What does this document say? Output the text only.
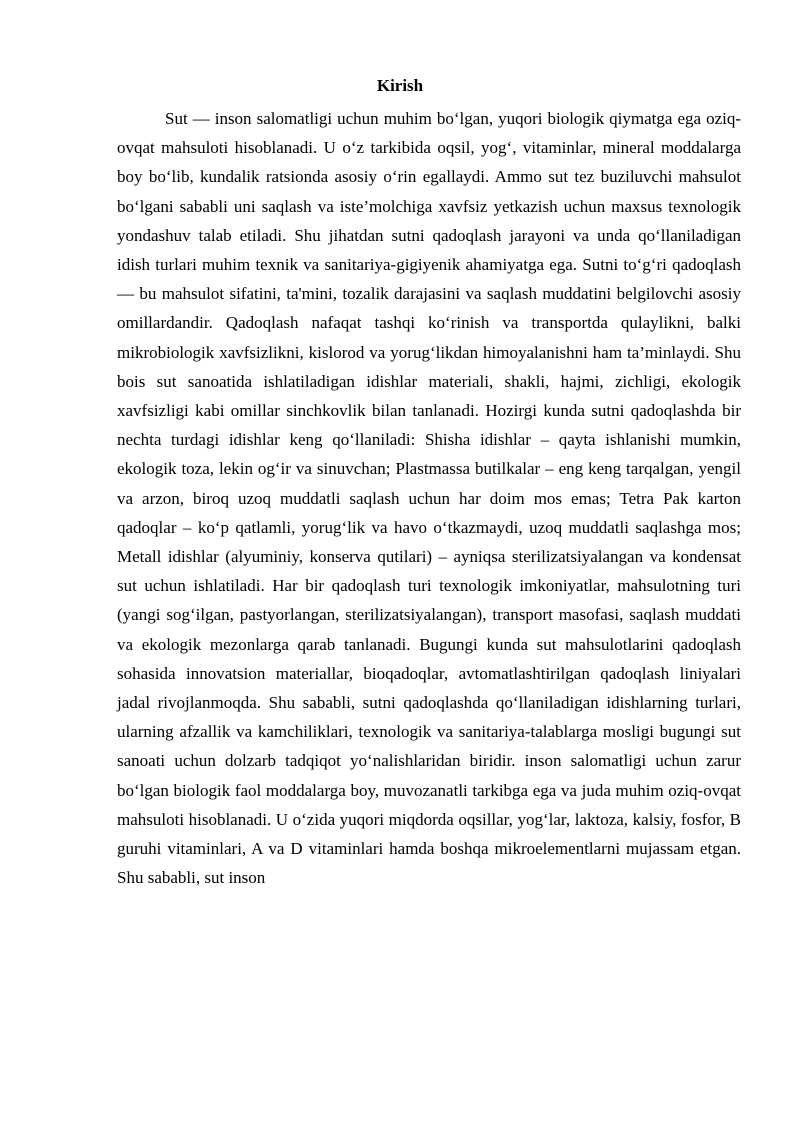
Kirish

Sut — inson salomatligi uchun muhim bo‘lgan, yuqori biologik qiymatga ega oziq-ovqat mahsuloti hisoblanadi. U o‘z tarkibida oqsil, yog‘, vitaminlar, mineral moddalarga boy bo‘lib, kundalik ratsionda asosiy o‘rin egallaydi. Ammo sut tez buziluvchi mahsulot bo‘lgani sababli uni saqlash va iste’molchiga xavfsiz yetkazish uchun maxsus texnologik yondashuv talab etiladi. Shu jihatdan sutni qadoqlash jarayoni va unda qo‘llaniladigan idish turlari muhim texnik va sanitariya-gigiyenik ahamiyatga ega. Sutni to‘g‘ri qadoqlash — bu mahsulot sifatini, ta'mini, tozalik darajasini va saqlash muddatini belgilovchi asosiy omillardandir. Qadoqlash nafaqat tashqi ko‘rinish va transportda qulaylikni, balki mikrobiologik xavfsizlikni, kislorod va yorug‘likdan himoyalanishni ham ta’minlaydi. Shu bois sut sanoatida ishlatiladigan idishlar materiali, shakli, hajmi, zichligi, ekologik xavfsizligi kabi omillar sinchkovlik bilan tanlanadi. Hozirgi kunda sutni qadoqlashda bir nechta turdagi idishlar keng qo‘llaniladi: Shisha idishlar – qayta ishlanishi mumkin, ekologik toza, lekin og‘ir va sinuvchan; Plastmassa butilkalar – eng keng tarqalgan, yengil va arzon, biroq uzoq muddatli saqlash uchun har doim mos emas; Tetra Pak karton qadoqlar – ko‘p qatlamli, yorug‘lik va havo o‘tkazmaydi, uzoq muddatli saqlashga mos; Metall idishlar (alyuminiy, konserva qutilari) – ayniqsa sterilizatsiyalangan va kondensat sut uchun ishlatiladi. Har bir qadoqlash turi texnologik imkoniyatlar, mahsulotning turi (yangi sog‘ilgan, pastyorlangan, sterilizatsiyalangan), transport masofasi, saqlash muddati va ekologik mezonlarga qarab tanlanadi. Bugungi kunda sut mahsulotlarini qadoqlash sohasida innovatsion materiallar, bioqadoqlar, avtomatlashtirilgan qadoqlash liniyalari jadal rivojlanmoqda. Shu sababli, sutni qadoqlashda qo‘llaniladigan idishlarning turlari, ularning afzallik va kamchiliklari, texnologik va sanitariya-talablarga mosligi bugungi sut sanoati uchun dolzarb tadqiqot yo‘nalishlaridan biridir. inson salomatligi uchun zarur bo‘lgan biologik faol moddalarga boy, muvozanatli tarkibga ega va juda muhim oziq-ovqat mahsuloti hisoblanadi. U o‘zida yuqori miqdorda oqsillar, yog‘lar, laktoza, kalsiy, fosfor, B guruhi vitaminlari, A va D vitaminlari hamda boshqa mikroelementlarni mujassam etgan. Shu sababli, sut inson
